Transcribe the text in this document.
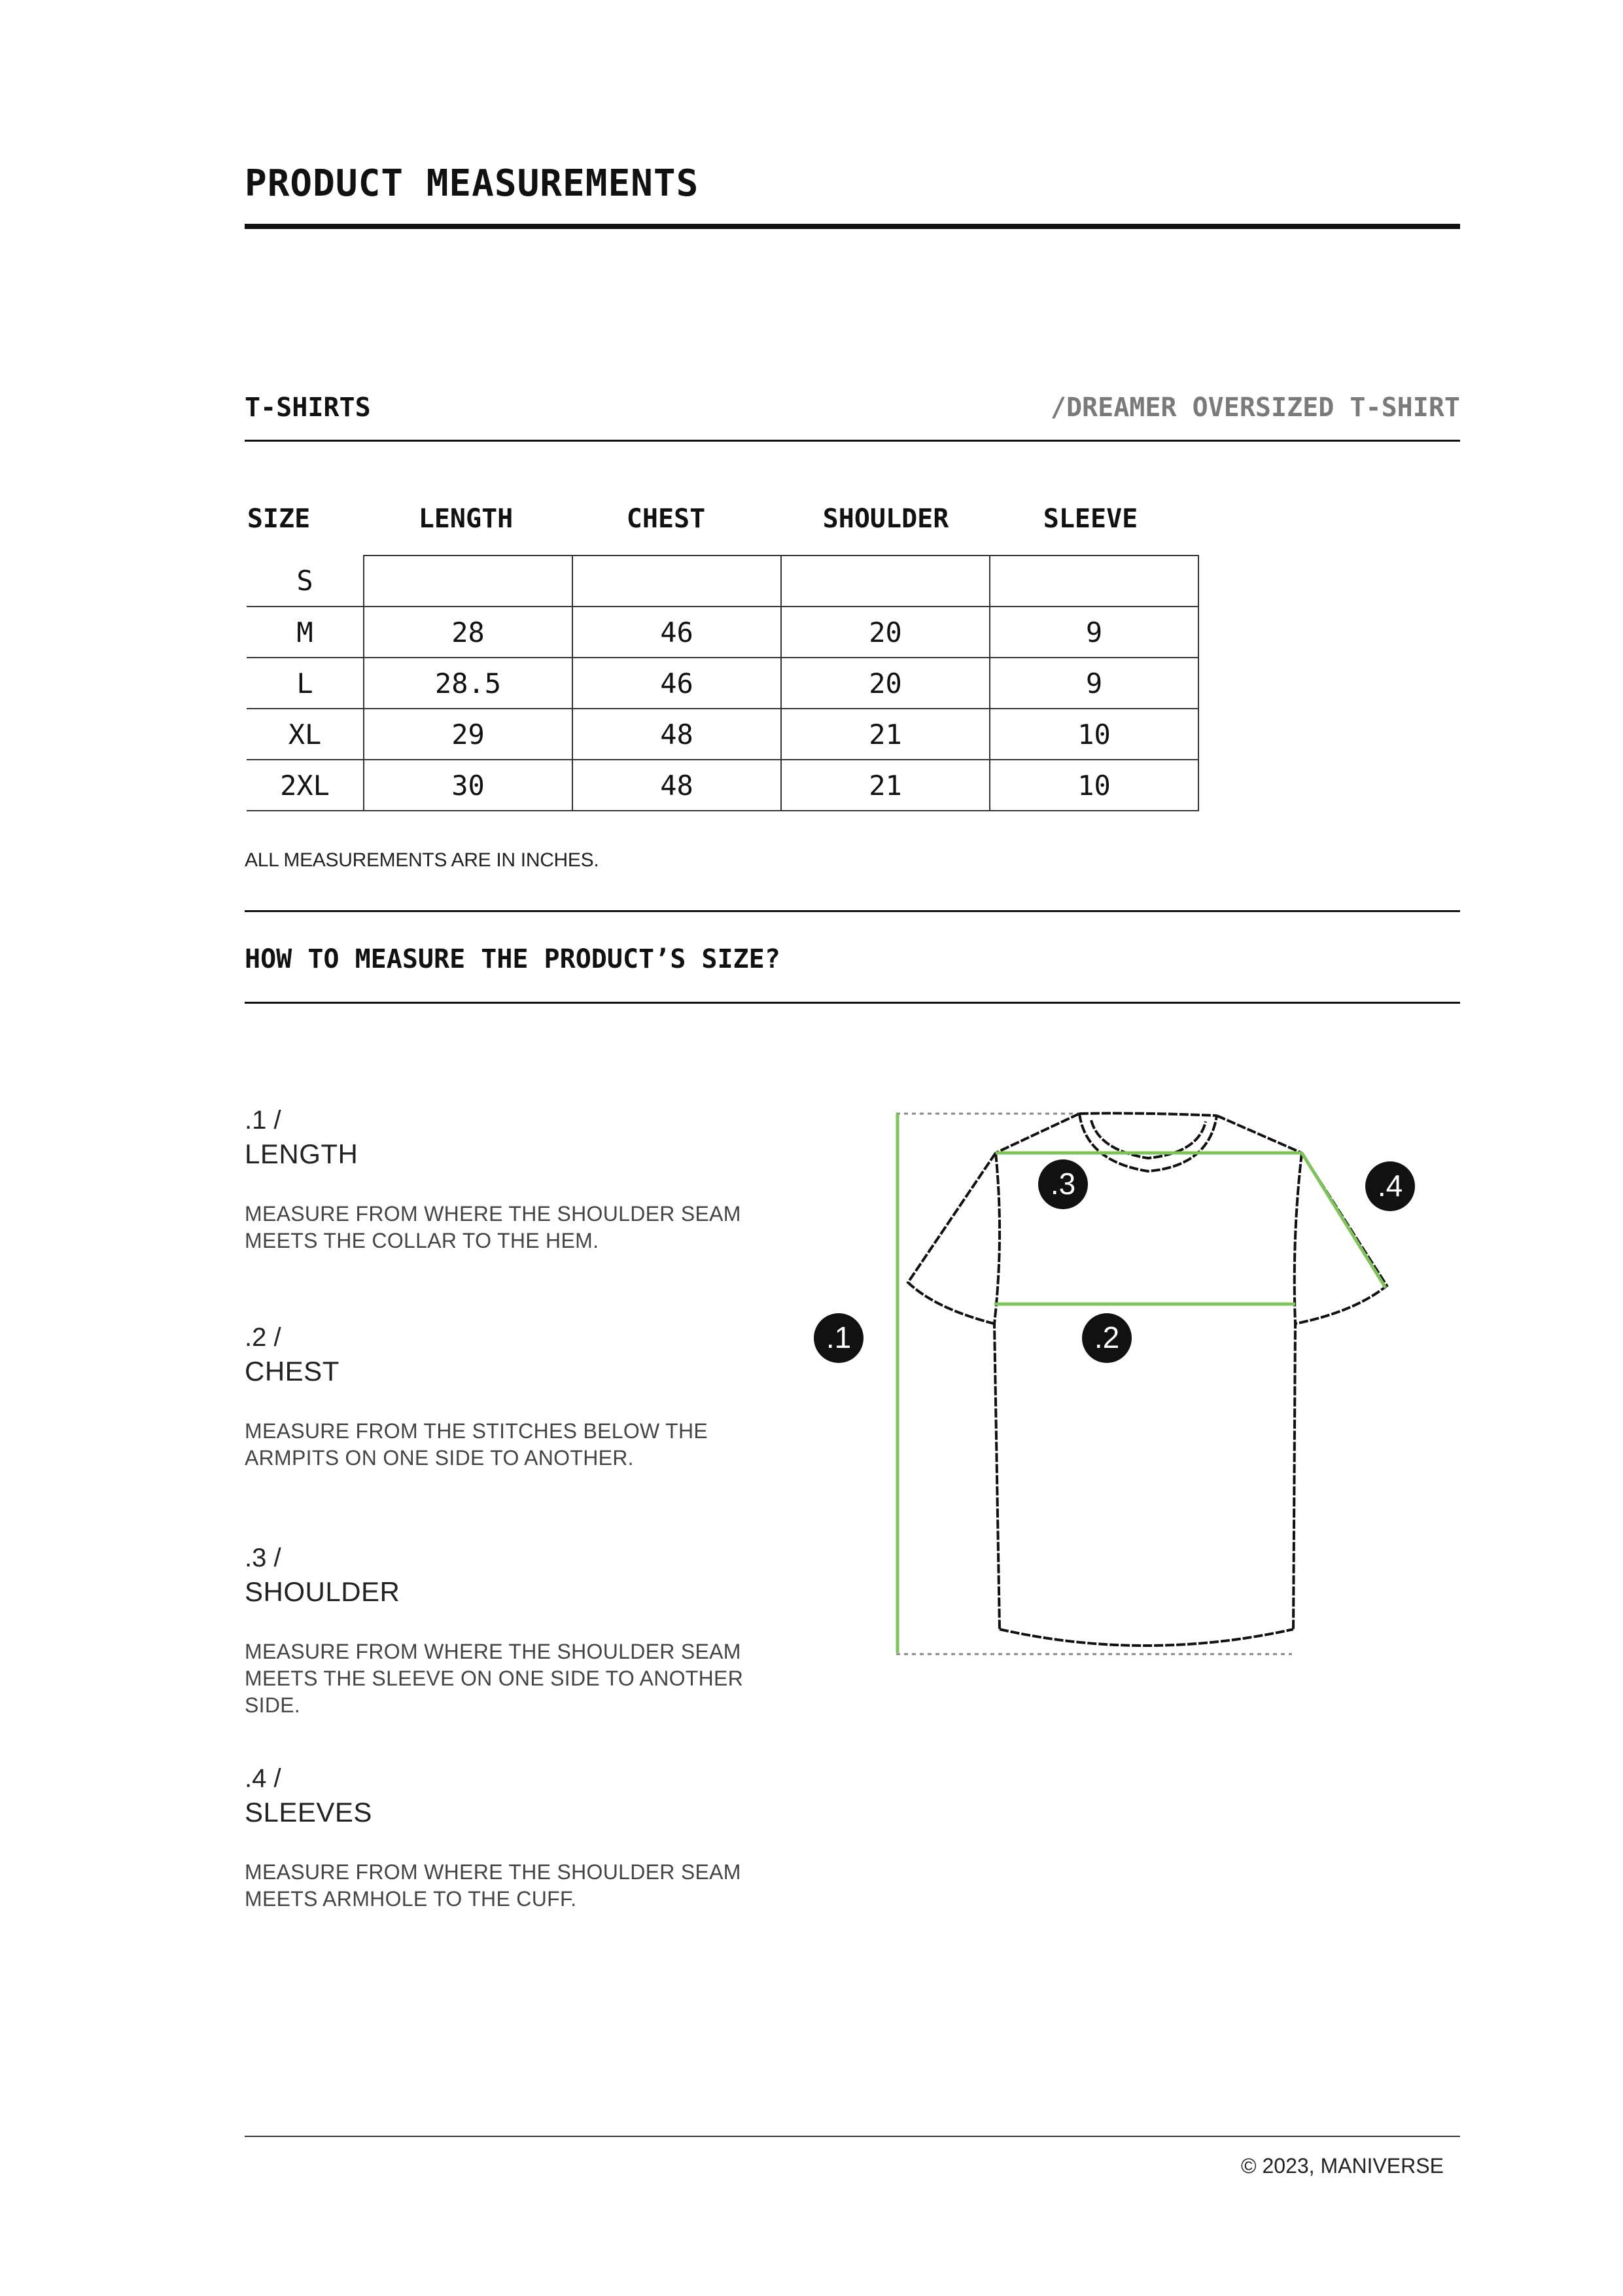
PRODUCT MEASUREMENTS
T-SHIRTS	/DREAMER OVERSIZED T-SHIRT
SIZE	LENGTH	CHEST	SHOULDER	SLEEVE
S				
M	28	46	20	9
L	28.5	46	20	9
XL	29	48	21	10
2XL	30	48	21	10
ALL MEASUREMENTS ARE IN INCHES.
HOW TO MEASURE THE PRODUCT’S SIZE?
.1 /
LENGTH
MEASURE FROM WHERE THE SHOULDER SEAM
MEETS THE COLLAR TO THE HEM.
.2 /
CHEST
MEASURE FROM THE STITCHES BELOW THE
ARMPITS ON ONE SIDE TO ANOTHER.
.3 /
SHOULDER
MEASURE FROM WHERE THE SHOULDER SEAM
MEETS THE SLEEVE ON ONE SIDE TO ANOTHER
SIDE.
.4 /
SLEEVES
MEASURE FROM WHERE THE SHOULDER SEAM
MEETS ARMHOLE TO THE CUFF.
.1	.2
.3	.4
© 2023, MANIVERSE
